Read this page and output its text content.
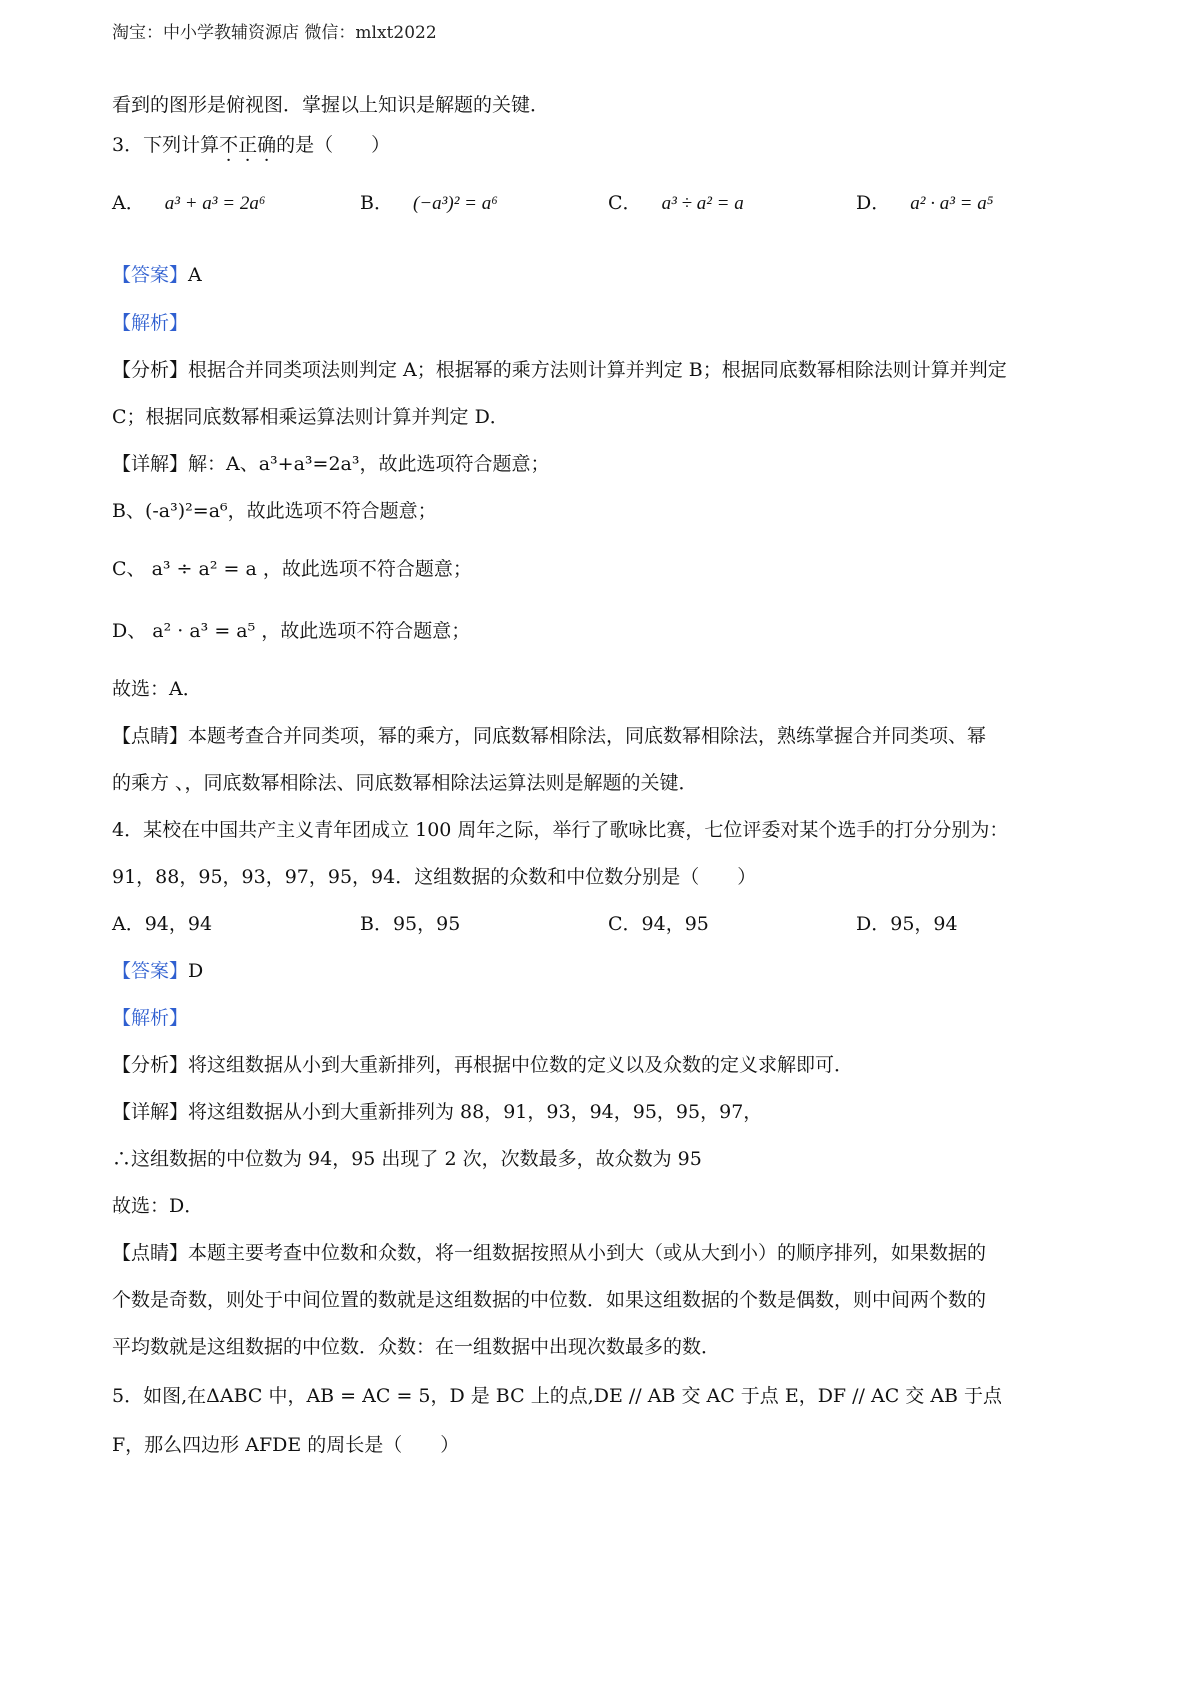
淘宝：中小学教辅资源店 微信：mlxt2022
看到的图形是俯视图．掌握以上知识是解题的关键．
3．下列计算不正确的是（　　）
A． a³ + a³ = 2a⁶	B． (−a³)² = a⁶	C． a³ ÷ a² = a	D． a² · a³ = a⁵
【答案】A
【解析】
【分析】根据合并同类项法则判定 A；根据幂的乘方法则计算并判定 B；根据同底数幂相除法则计算并判定
C；根据同底数幂相乘运算法则计算并判定 D．
【详解】解：A、a³+a³=2a³，故此选项符合题意；
B、(-a³)²=a⁶，故此选项不符合题意；
C、 a³ ÷ a² = a ，故此选项不符合题意；
D、 a² · a³ = a⁵ ，故此选项不符合题意；
故选：A．
【点睛】本题考查合并同类项，幂的乘方，同底数幂相除法，同底数幂相除法，熟练掌握合并同类项、幂
的乘方 、，同底数幂相除法、同底数幂相除法运算法则是解题的关键．
4．某校在中国共产主义青年团成立 100 周年之际，举行了歌咏比赛，七位评委对某个选手的打分分别为：
91，88，95，93，97，95，94．这组数据的众数和中位数分别是（　　）
A．94，94	B．95，95	C．94，95	D．95，94
【答案】D
【解析】
【分析】将这组数据从小到大重新排列，再根据中位数的定义以及众数的定义求解即可．
【详解】将这组数据从小到大重新排列为 88，91，93，94，95，95，97，
∴这组数据的中位数为 94，95 出现了 2 次，次数最多，故众数为 95
故选：D．
【点睛】本题主要考查中位数和众数，将一组数据按照从小到大（或从大到小）的顺序排列，如果数据的
个数是奇数，则处于中间位置的数就是这组数据的中位数．如果这组数据的个数是偶数，则中间两个数的
平均数就是这组数据的中位数．众数：在一组数据中出现次数最多的数．
5．如图,在ΔABC 中，AB = AC = 5，D 是 BC 上的点,DE // AB 交 AC 于点 E，DF // AC 交 AB 于点
F，那么四边形 AFDE 的周长是（　　）
